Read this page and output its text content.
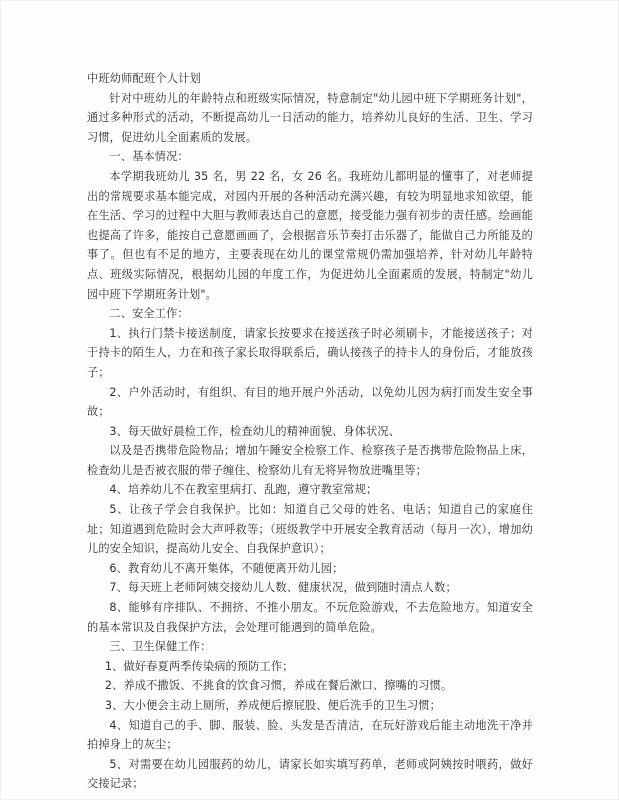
中班幼师配班个人计划

针对中班幼儿的年龄特点和班级实际情况，特意制定"幼儿园中班下学期班务计划"，通过多种形式的活动，不断提高幼儿一日活动的能力，培养幼儿良好的生活、卫生、学习习惯，促进幼儿全面素质的发展。

一、基本情况：

本学期我班幼儿 35 名，男 22 名，女 26 名。我班幼儿都明显的懂事了，对老师提出的常规要求基本能完成，对园内开展的各种活动充满兴趣，有较为明显地求知欲望，能在生活、学习的过程中大胆与教师表达自己的意愿，接受能力强有初步的责任感。绘画能也提高了许多，能按自己意愿画画了，会根据音乐节奏打击乐器了，能做自己力所能及的事了。但也有不足的地方，主要表现在幼儿的课堂常规仍需加强培养，针对幼儿年龄特点、班级实际情况，根据幼儿园的年度工作，为促进幼儿全面素质的发展，特制定"幼儿园中班下学期班务计划"。

二、安全工作：

1、执行门禁卡接送制度，请家长按要求在接送孩子时必须刷卡，才能接送孩子；对于持卡的陌生人，力在和孩子家长取得联系后，确认接孩子的持卡人的身份后，才能放孩子；

2、户外活动时，有组织、有目的地开展户外活动，以免幼儿因为病打而发生安全事故；

3、每天做好晨检工作，检查幼儿的精神面貌、身体状况、

以及是否携带危险物品；增加午睡安全检察工作、检察孩子是否携带危险物品上床，检查幼儿是否被衣服的带子缠住、检察幼儿有无将异物放进嘴里等；

4、培养幼儿不在教室里病打、乱跑，遵守教室常规；

5、让孩子学会自我保护。比如：知道自己父母的姓名、电话；知道自己的家庭住址；知道遇到危险时会大声呼救等；（班级教学中开展安全教育活动（每月一次），增加幼儿的安全知识，提高幼儿安全、自我保护意识）；

6、教育幼儿不离开集体，不随便离开幼儿园；

7、每天班上老师阿姨交接幼儿人数、健康状况，做到随时清点人数；

8、能够有序排队、不拥挤、不推小朋友。不玩危险游戏，不去危险地方。知道安全的基本常识及自我保护方法，会处理可能遇到的简单危险。

三、卫生保健工作：

1、做好春夏两季传染病的预防工作；

2、养成不撒饭、不挑食的饮食习惯，养成在餐后漱口、擦嘴的习惯。

3、大小便会主动上厕所，养成便后擦屁股、便后洗手的卫生习惯；

4、知道自己的手、脚、服装、脸、头发是否清洁，在玩好游戏后能主动地洗干净并拍掉身上的灰尘；

5、对需要在幼儿园服药的幼儿，请家长如实填写药单，老师或阿姨按时喂药，做好交接记录；
